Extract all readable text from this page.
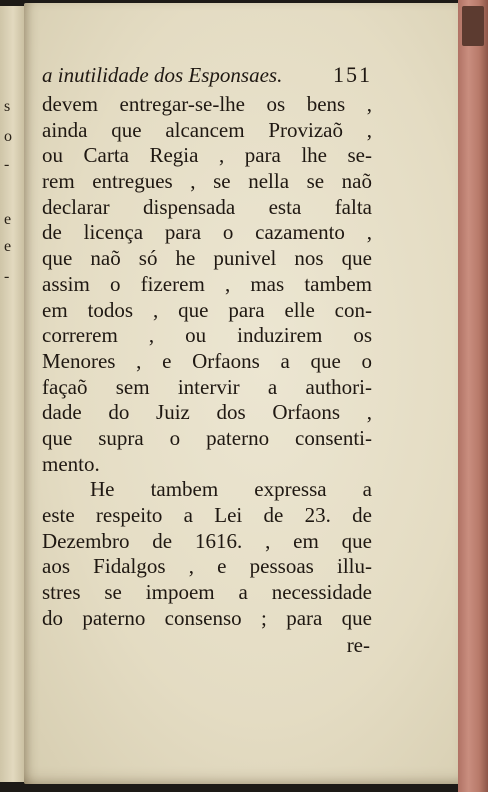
s
o
-
e
e
-
a inutilidade dos Esponsaes. 151
devem entregar-se-lhe os bens ,
ainda que alcancem Provizaõ ,
ou Carta Regia , para lhe se-
rem entregues , se nella se naõ
declarar dispensada esta falta
de licença para o cazamento ,
que naõ só he punivel nos que
assim o fizerem , mas tambem
em todos , que para elle con-
correrem , ou induzirem os
Menores , e Orfaons a que o
façaõ sem intervir a authori-
dade do Juiz dos Orfaons ,
que supra o paterno consenti-
mento.
He tambem expressa a
este respeito a Lei de 23. de
Dezembro de 1616. , em que
aos Fidalgos , e pessoas illu-
stres se impoem a necessidade
do paterno consenso ; para que
re-
